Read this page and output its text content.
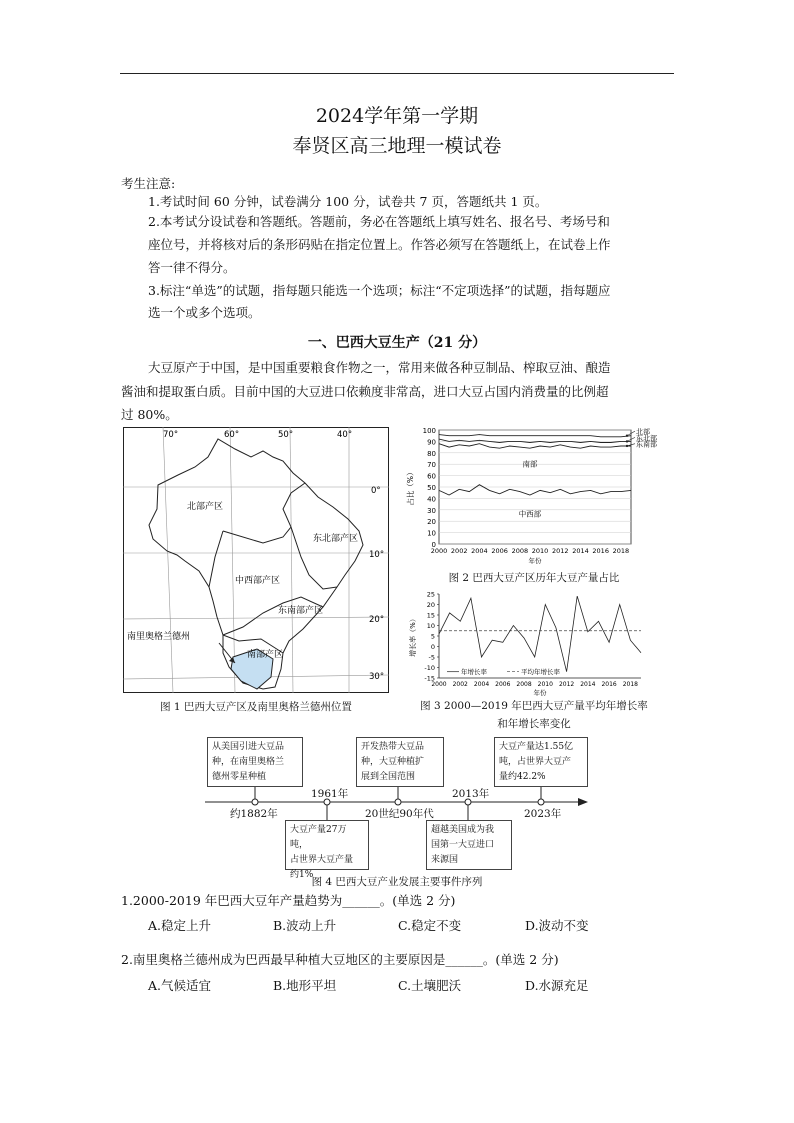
2024学年第一学期
奉贤区高三地理一模试卷
考生注意:
1.考试时间 60 分钟，试卷满分 100 分，试卷共 7 页，答题纸共 1 页。
2.本考试分设试卷和答题纸。答题前，务必在答题纸上填写姓名、报名号、考场号和
座位号，并将核对后的条形码贴在指定位置上。作答必须写在答题纸上，在试卷上作
答一律不得分。
3.标注“单选”的试题，指每题只能选一个选项；标注“不定项选择”的试题，指每题应
选一个或多个选项。
一、巴西大豆生产（21 分）
大豆原产于中国，是中国重要粮食作物之一，常用来做各种豆制品、榨取豆油、酿造
酱油和提取蛋白质。目前中国的大豆进口依赖度非常高，进口大豆占国内消费量的比例超
过 80%。
70°	60°	50°	40°
0°
10°
20°
30°
北部产区
东北部产区
中西部产区
东南部产区
南部产区
南里奥格兰德州
图 1 巴西大豆产区及南里奥格兰德州位置
0
10
20
30
40
50
60
70
80
90
100
2000 2002 2004 2006 2008 2010 2012 2014 2016 2018
年份
占比（%）
南部
中西部
北部
东北部
东南部
图 2 巴西大豆产区历年大豆产量占比
-15
-10
-5
0
5
10
15
20
25
2000 2002 2004 2006 2008 2010 2012 2014 2016 2018
年份
增长率（%）
年增长率	平均年增长率
图 3 2000—2019 年巴西大豆产量平均年增长率
和年增长率变化
从美国引进大豆品
种，在南里奥格兰
德州零星种植
开发热带大豆品
种，大豆种植扩
展到全国范围
大豆产量达1.55亿
吨，占世界大豆产
量约42.2%
大豆产量27万吨，
占世界大豆产量
约1%
超越美国成为我
国第一大豆进口
来源国
约1882年
1961年
20世纪90年代
2013年
2023年
图 4 巴西大豆产业发展主要事件序列
1.2000-2019 年巴西大豆年产量趋势为______。(单选 2 分)
A.稳定上升	B.波动上升	C.稳定不变	D.波动不变
2.南里奥格兰德州成为巴西最早种植大豆地区的主要原因是______。(单选 2 分)
A.气候适宜	B.地形平坦	C.土壤肥沃	D.水源充足
